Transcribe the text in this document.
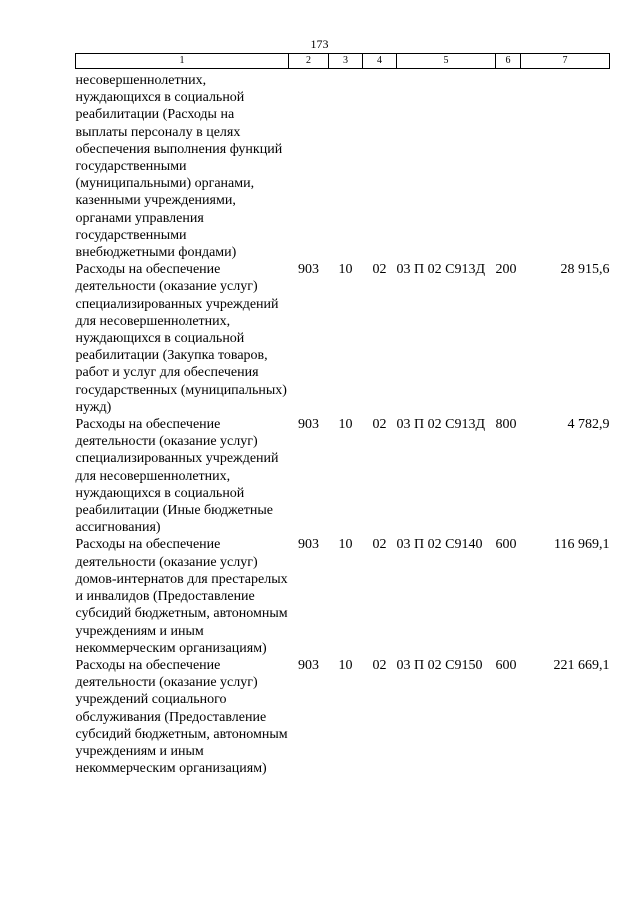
173
1	2	3	4	5	6	7
несовершеннолетних, нуждающихся в социальной реабилитации (Расходы на выплаты персоналу в целях обеспечения выполнения функций государственными (муниципальными) органами, казенными учреждениями, органами управления государственными внебюджетными фондами)						
Расходы на обеспечение деятельности (оказание услуг) специализированных учреждений для несовершеннолетних, нуждающихся в социальной реабилитации (Закупка товаров, работ и услуг для обеспечения государственных (муниципальных) нужд)	903	10	02	03 П 02 С913Д	200	28 915,6
Расходы на обеспечение деятельности (оказание услуг) специализированных учреждений для несовершеннолетних, нуждающихся в социальной реабилитации (Иные бюджетные ассигнования)	903	10	02	03 П 02 С913Д	800	4 782,9
Расходы на обеспечение деятельности (оказание услуг) домов-интернатов для престарелых и инвалидов (Предоставление субсидий бюджетным, автономным учреждениям и иным некоммерческим организациям)	903	10	02	03 П 02 С9140	600	116 969,1
Расходы на обеспечение деятельности (оказание услуг) учреждений социального обслуживания (Предоставление субсидий бюджетным, автономным учреждениям и иным некоммерческим организациям)	903	10	02	03 П 02 С9150	600	221 669,1
